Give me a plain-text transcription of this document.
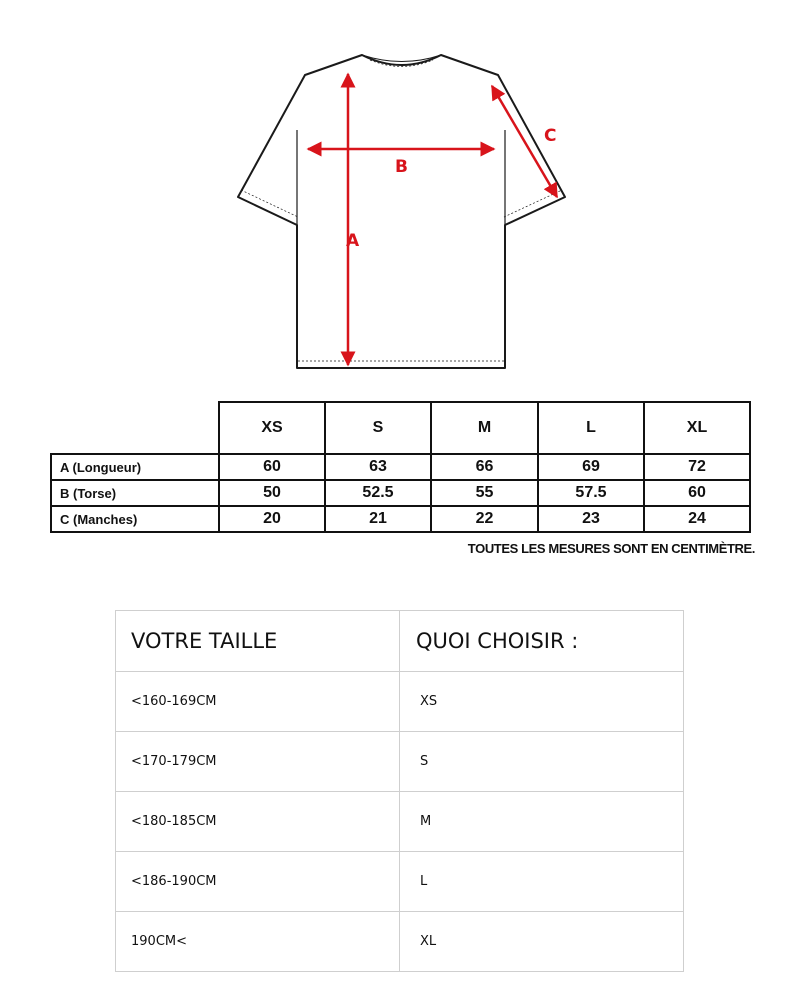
A
B
C
	XS	S	M	L	XL
A (Longueur)	60	63	66	69	72
B (Torse)	50	52.5	55	57.5	60
C (Manches)	20	21	22	23	24
TOUTES LES MESURES SONT EN CENTIMÈTRE.
VOTRE TAILLE	QUOI CHOISIR :
<160-169CM	XS
<170-179CM	S
<180-185CM	M
<186-190CM	L
190CM<	XL
